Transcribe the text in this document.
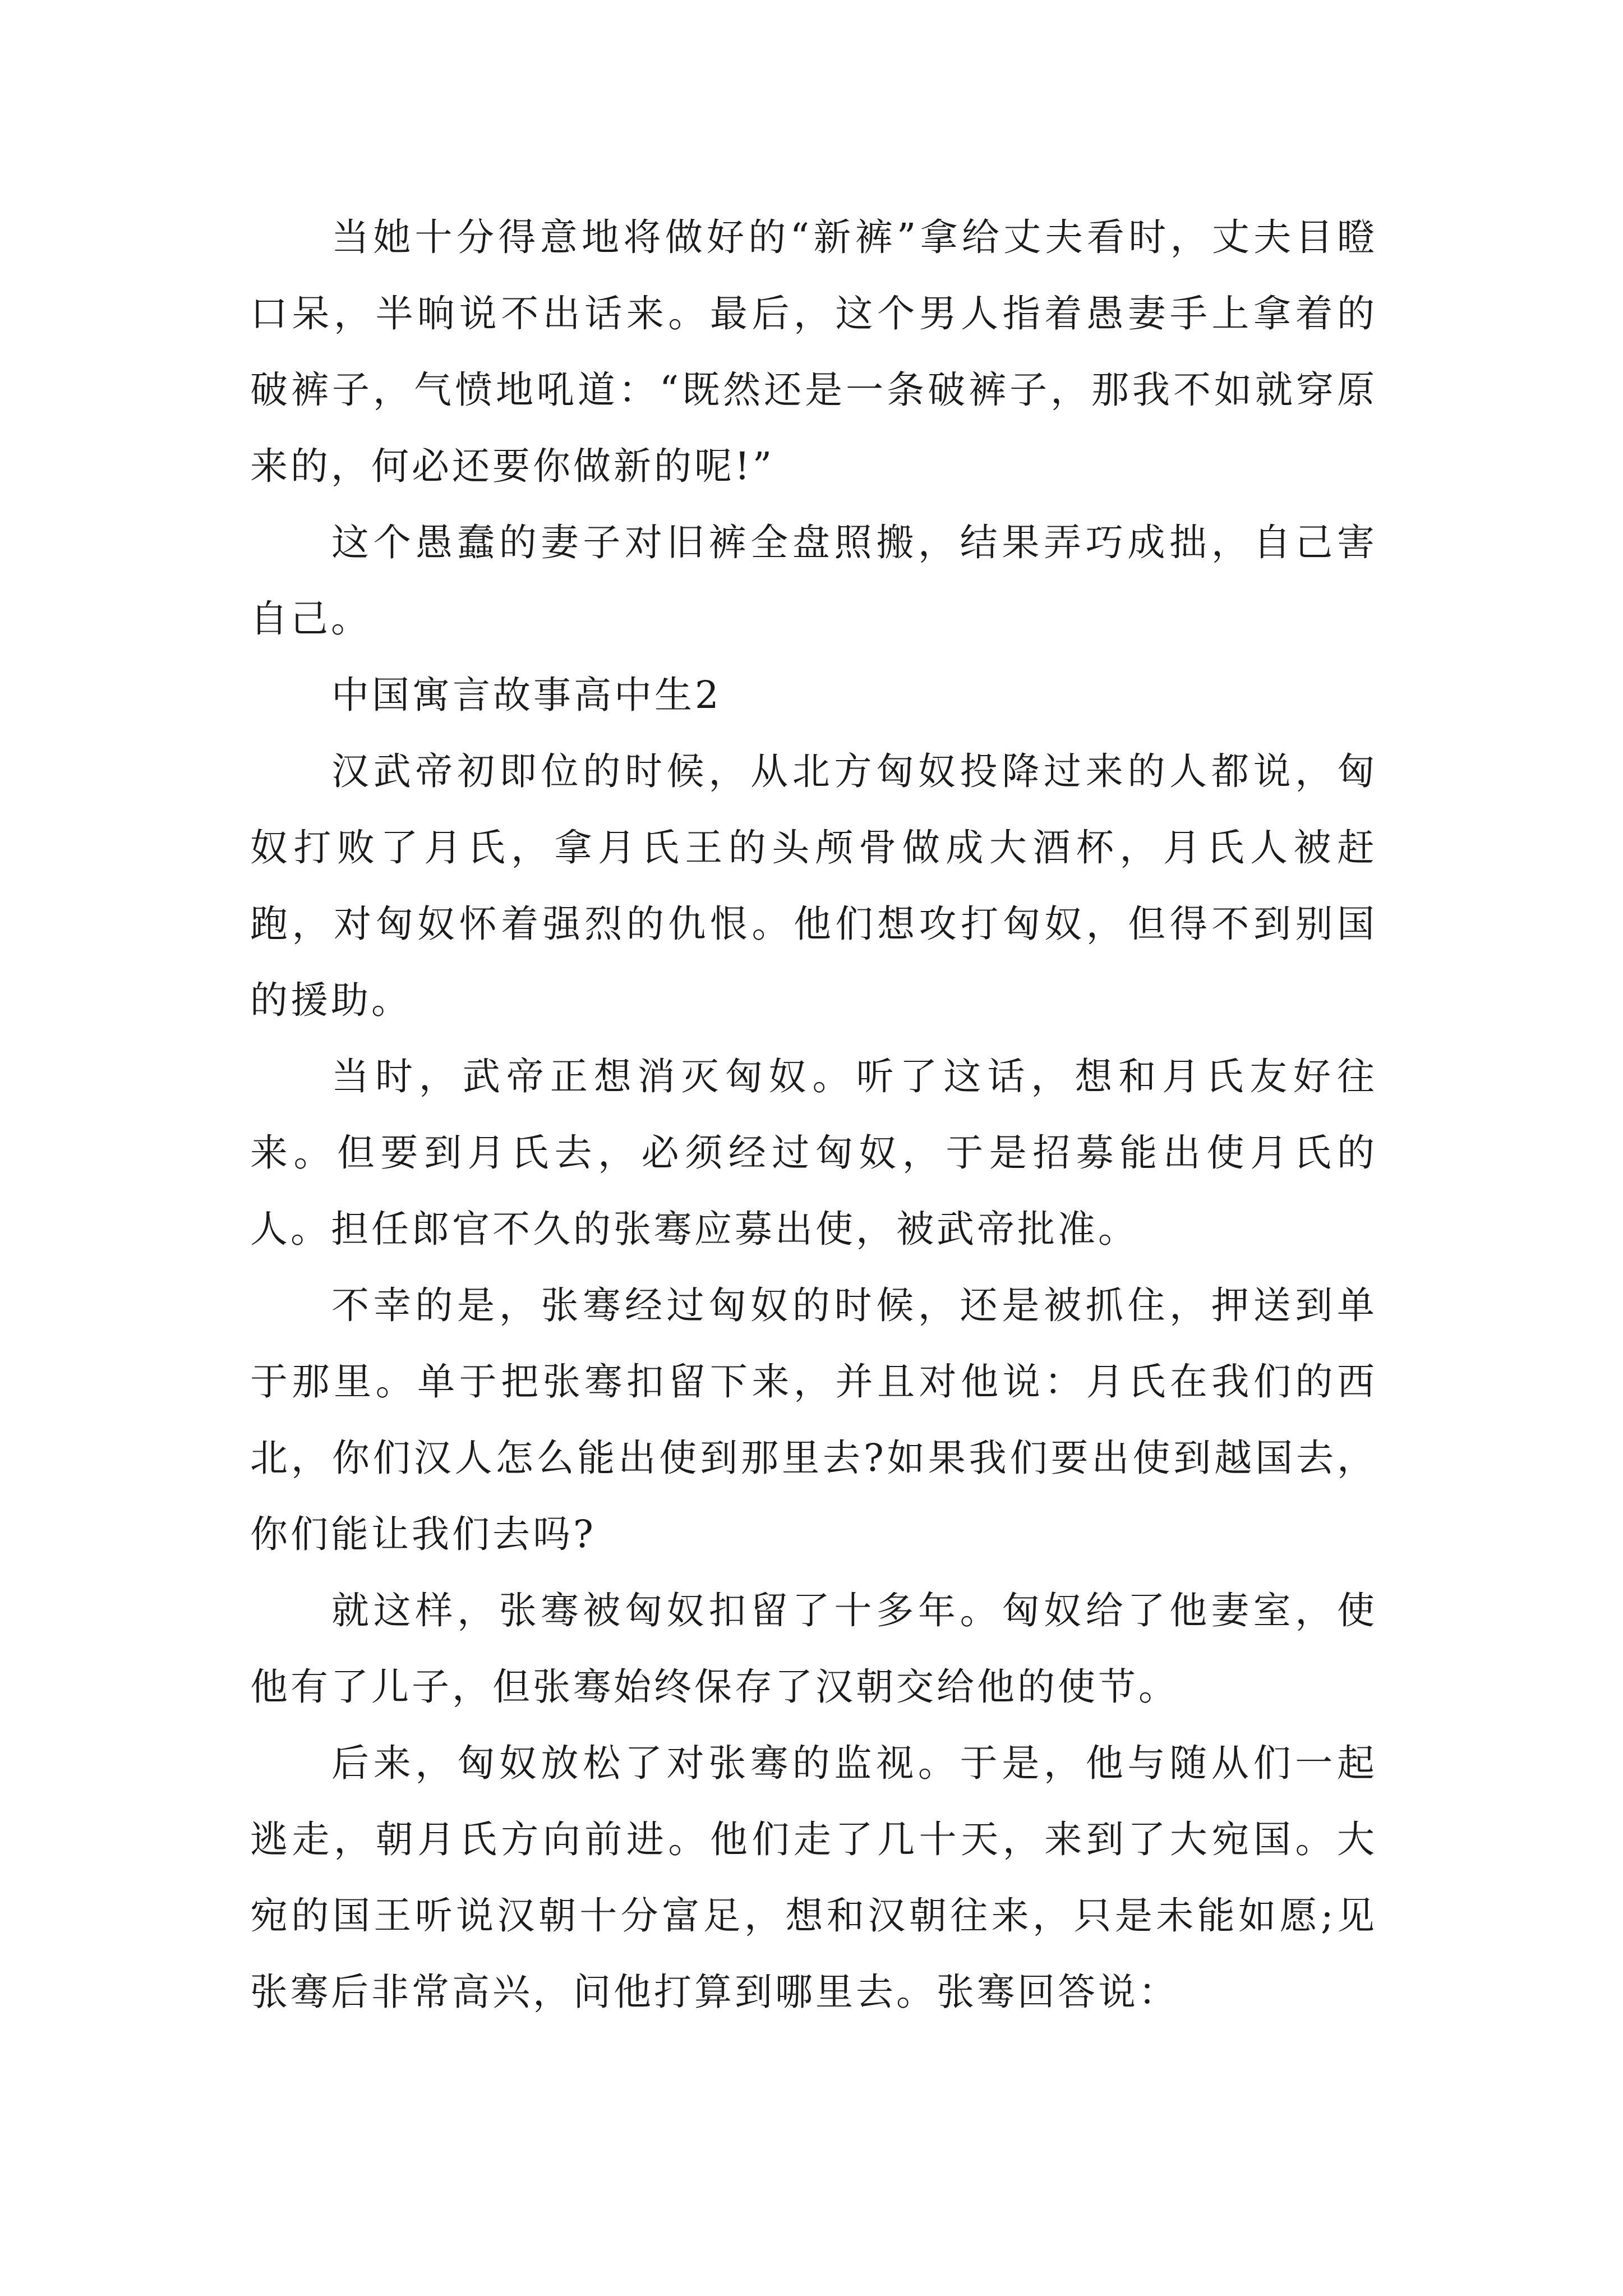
当她十分得意地将做好的“新裤”拿给丈夫看时，丈夫目瞪口呆，半晌说不出话来。最后，这个男人指着愚妻手上拿着的破裤子，气愤地吼道：“既然还是一条破裤子，那我不如就穿原来的，何必还要你做新的呢!”

这个愚蠢的妻子对旧裤全盘照搬，结果弄巧成拙，自己害自己。

中国寓言故事高中生2

汉武帝初即位的时候，从北方匈奴投降过来的人都说，匈奴打败了月氏，拿月氏王的头颅骨做成大酒杯，月氏人被赶跑，对匈奴怀着强烈的仇恨。他们想攻打匈奴，但得不到别国的援助。

当时，武帝正想消灭匈奴。听了这话，想和月氏友好往来。但要到月氏去，必须经过匈奴，于是招募能出使月氏的人。担任郎官不久的张骞应募出使，被武帝批准。

不幸的是，张骞经过匈奴的时候，还是被抓住，押送到单于那里。单于把张骞扣留下来，并且对他说：月氏在我们的西北，你们汉人怎么能出使到那里去?如果我们要出使到越国去，你们能让我们去吗?

就这样，张骞被匈奴扣留了十多年。匈奴给了他妻室，使他有了儿子，但张骞始终保存了汉朝交给他的使节。

后来，匈奴放松了对张骞的监视。于是，他与随从们一起逃走，朝月氏方向前进。他们走了几十天，来到了大宛国。大宛的国王听说汉朝十分富足，想和汉朝往来，只是未能如愿;见张骞后非常高兴，问他打算到哪里去。张骞回答说：
